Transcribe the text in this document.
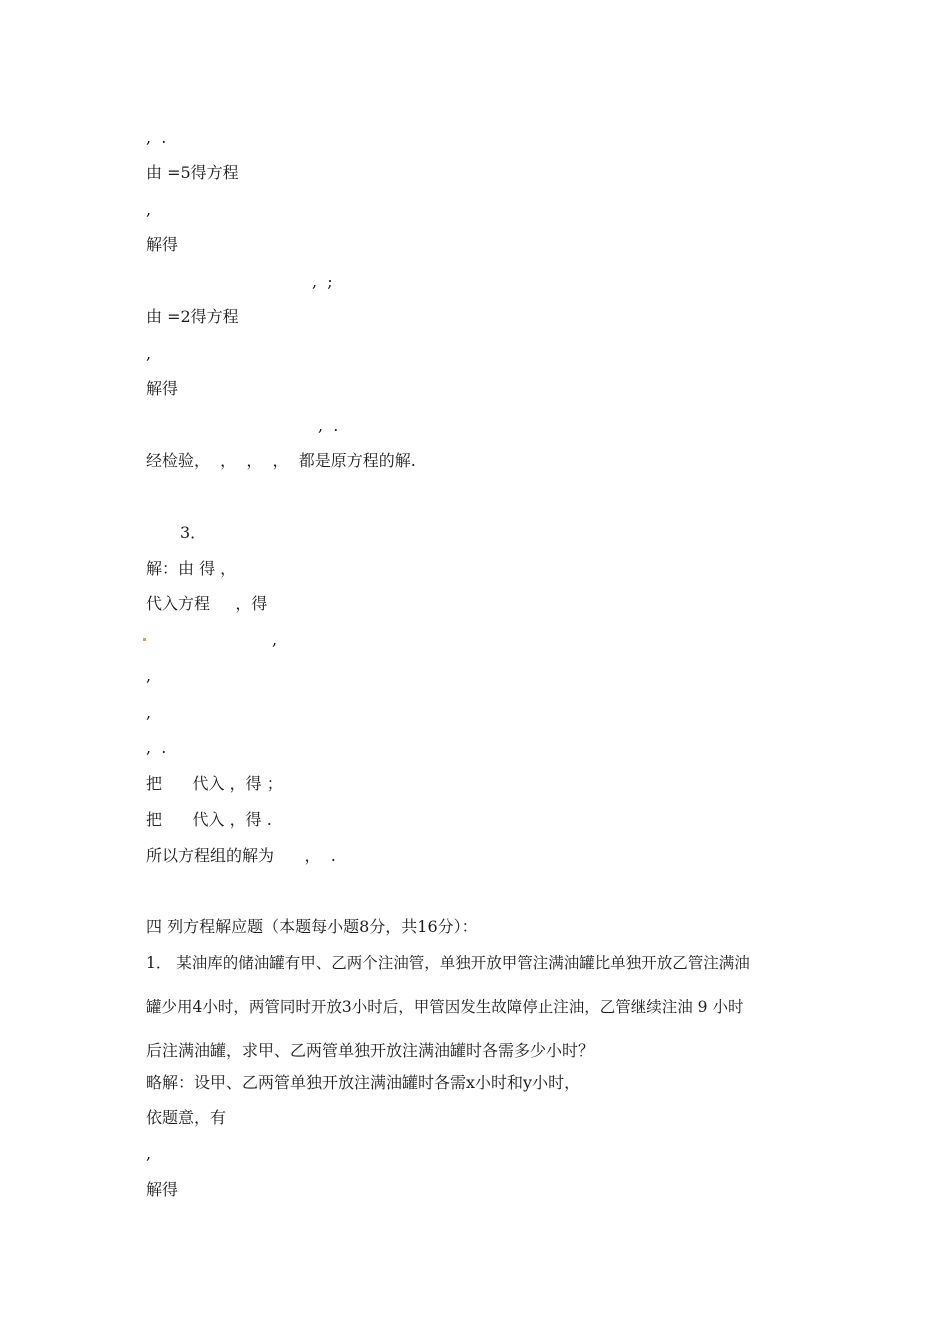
,  .
由 =5得方程
,
解得
,  ;
由 =2得方程
,
解得
,  .
经检验，  ，  ，  ，  都是原方程的解.
3．
解：由 得 ，
代入方程     ，得
,
,
,
,  .
把      代入 ，得 ；
把      代入 ，得 .
所以方程组的解为      ，  .
四 列方程解应题（本题每小题8分，共16分）：
1． 某油库的储油罐有甲、乙两个注油管，单独开放甲管注满油罐比单独开放乙管注满油
罐少用4小时，两管同时开放3小时后，甲管因发生故障停止注油，乙管继续注油 9 小时
后注满油罐，求甲、乙两管单独开放注满油罐时各需多少小时？
略解：设甲、乙两管单独开放注满油罐时各需x小时和y小时，
依题意，有
,
解得
